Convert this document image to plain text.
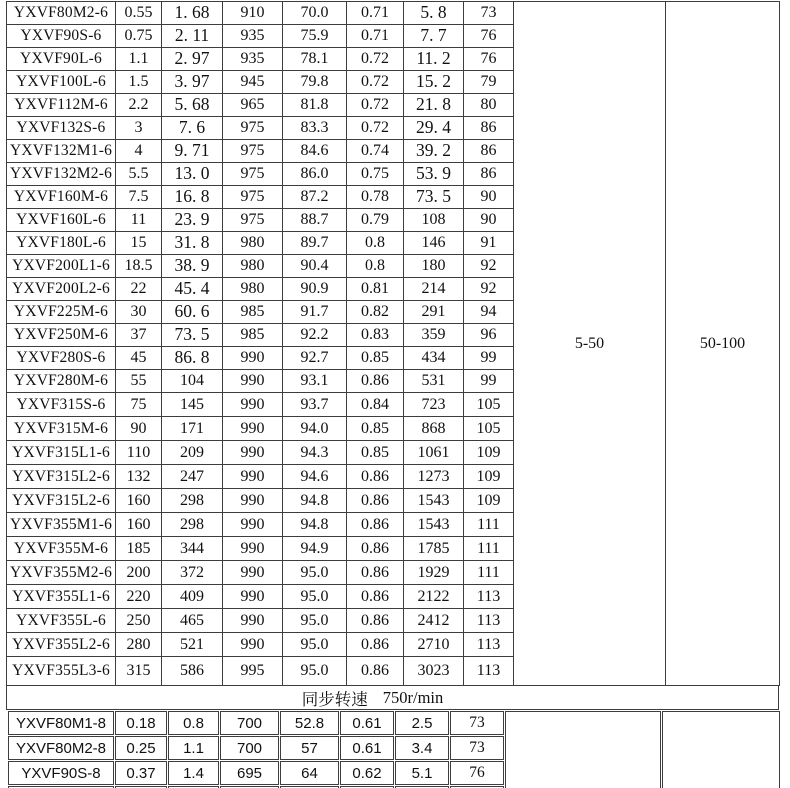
YXVF80M2-6	0.55	1. 68	910	70.0	0.71	5. 8	73	5-50	50-100
YXVF90S-6	0.75	2. 11	935	75.9	0.71	7. 7	76		
YXVF90L-6	1.1	2. 97	935	78.1	0.72	11. 2	76		
YXVF100L-6	1.5	3. 97	945	79.8	0.72	15. 2	79		
YXVF112M-6	2.2	5. 68	965	81.8	0.72	21. 8	80		
YXVF132S-6	3	7. 6	975	83.3	0.72	29. 4	86		
YXVF132M1-6	4	9. 71	975	84.6	0.74	39. 2	86		
YXVF132M2-6	5.5	13. 0	975	86.0	0.75	53. 9	86		
YXVF160M-6	7.5	16. 8	975	87.2	0.78	73. 5	90		
YXVF160L-6	11	23. 9	975	88.7	0.79	108	90		
YXVF180L-6	15	31. 8	980	89.7	0.8	146	91		
YXVF200L1-6	18.5	38. 9	980	90.4	0.8	180	92		
YXVF200L2-6	22	45. 4	980	90.9	0.81	214	92		
YXVF225M-6	30	60. 6	985	91.7	0.82	291	94		
YXVF250M-6	37	73. 5	985	92.2	0.83	359	96		
YXVF280S-6	45	86. 8	990	92.7	0.85	434	99		
YXVF280M-6	55	104	990	93.1	0.86	531	99		
YXVF315S-6	75	145	990	93.7	0.84	723	105		
YXVF315M-6	90	171	990	94.0	0.85	868	105		
YXVF315L1-6	110	209	990	94.3	0.85	1061	109		
YXVF315L2-6	132	247	990	94.6	0.86	1273	109		
YXVF315L2-6	160	298	990	94.8	0.86	1543	109		
YXVF355M1-6	160	298	990	94.8	0.86	1543	111		
YXVF355M-6	185	344	990	94.9	0.86	1785	111		
YXVF355M2-6	200	372	990	95.0	0.86	1929	111		
YXVF355L1-6	220	409	990	95.0	0.86	2122	113		
YXVF355L-6	250	465	990	95.0	0.86	2412	113		
YXVF355L2-6	280	521	990	95.0	0.86	2710	113		
YXVF355L3-6	315	586	995	95.0	0.86	3023	113		
同步转速 750r/min
YXVF80M1-8	0.18	0.8	700	52.8	0.61	2.5	73		
YXVF80M2-8	0.25	1.1	700	57	0.61	3.4	73		
YXVF90S-8	0.37	1.4	695	64	0.62	5.1	76		
